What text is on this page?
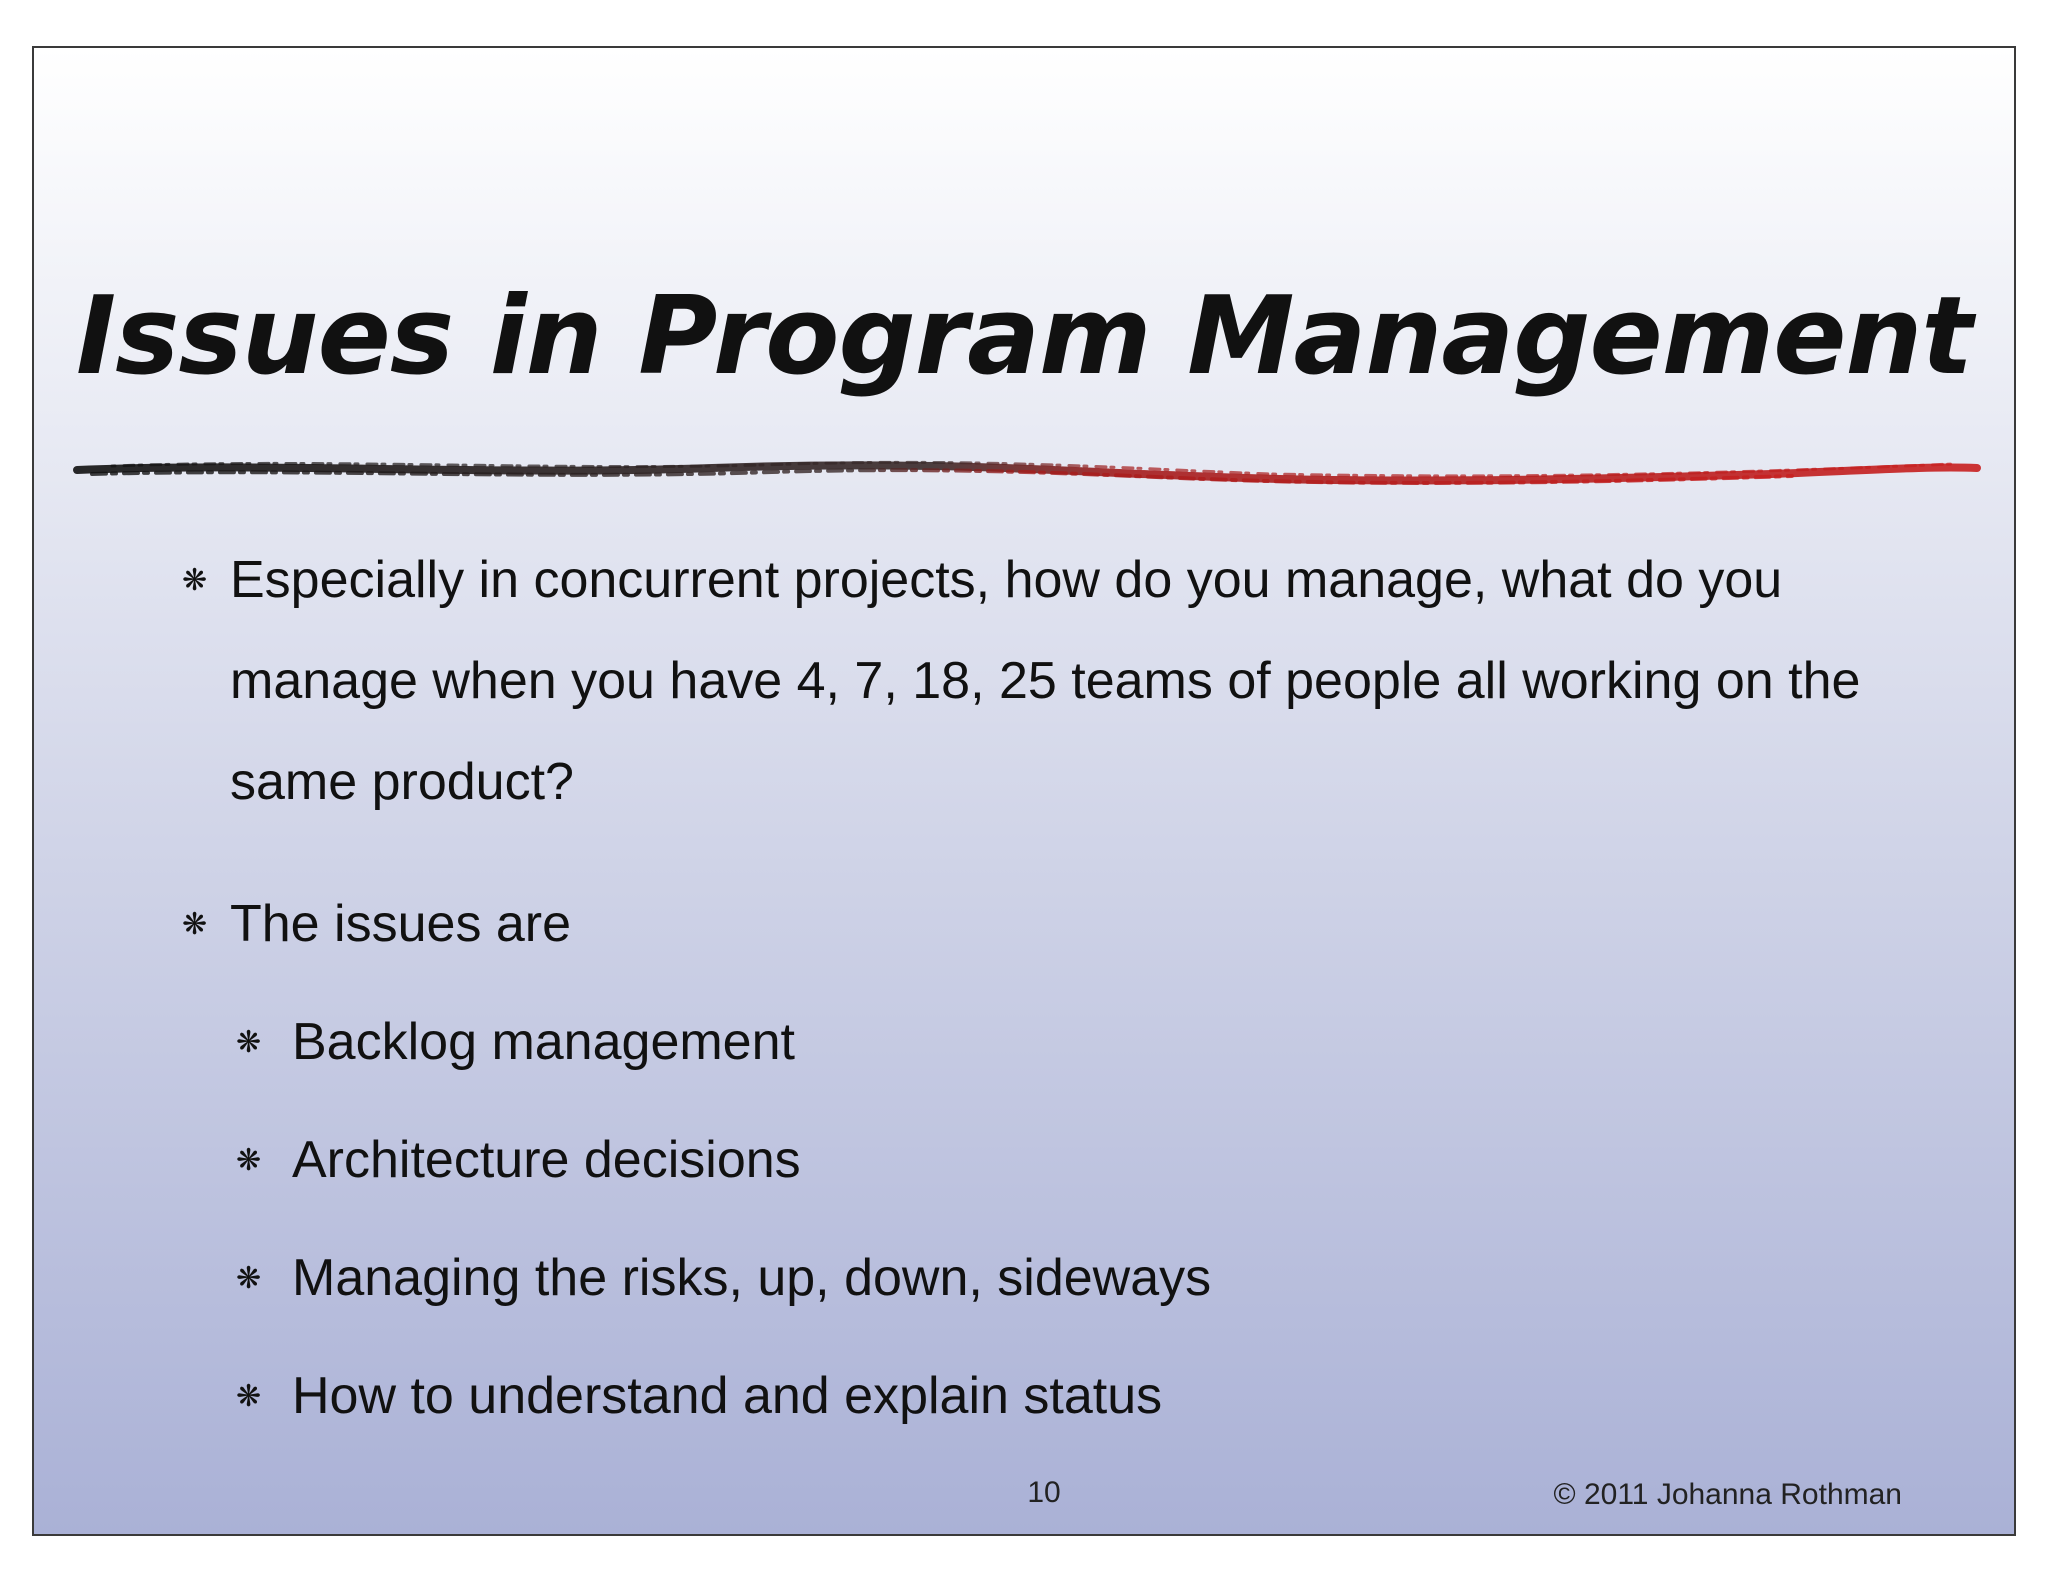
Issues in Program Management
❋ Especially in concurrent projects, how do you manage, what do you manage when you have 4, 7, 18, 25 teams of people all working on the same product?
❋ The issues are
❋ Backlog management
❋ Architecture decisions
❋ Managing the risks, up, down, sideways
❋ How to understand and explain status
10	© 2011 Johanna Rothman
